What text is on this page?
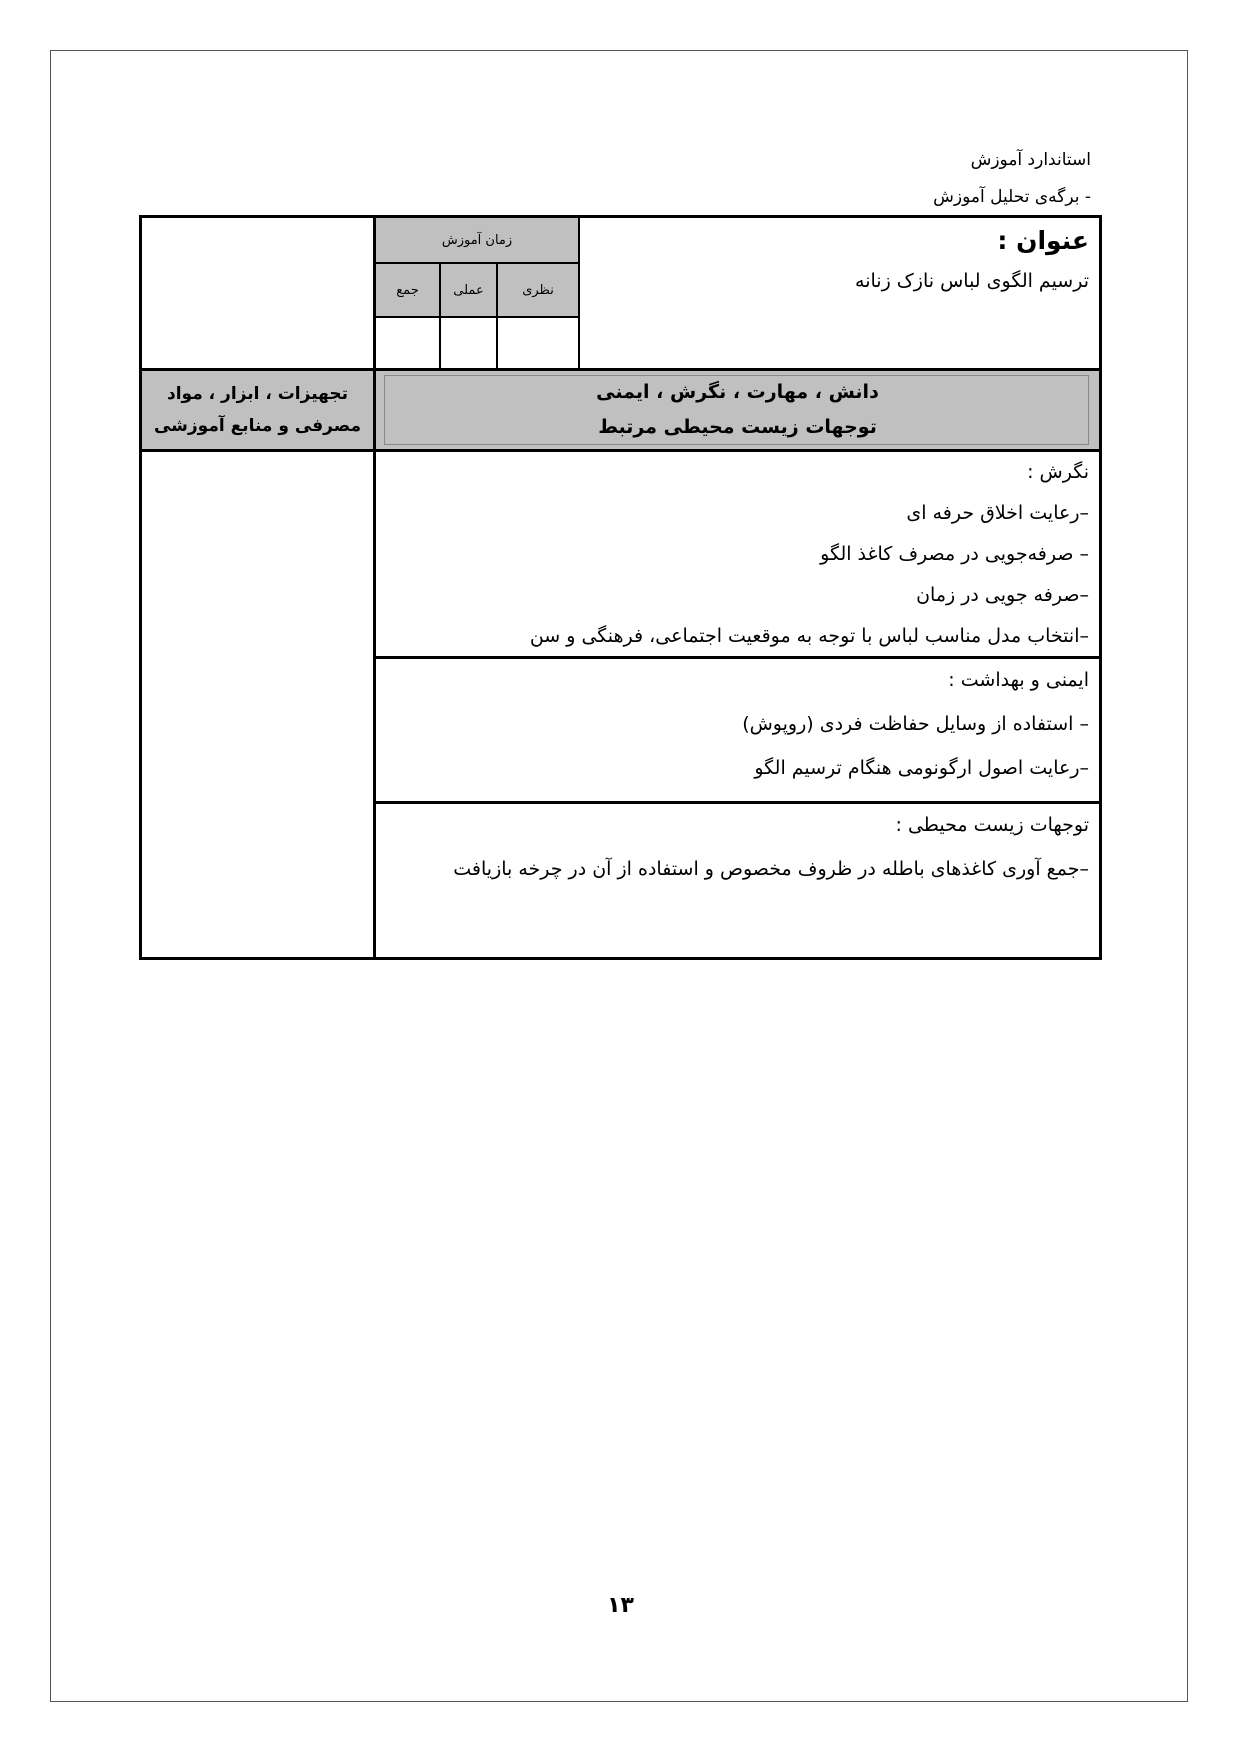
استاندارد آموزش
- برگه‌ی تحلیل آموزش
عنوان :
ترسیم الگوی لباس نازک زنانه
زمان آموزش
نظری
عملی
جمع
تجهیزات ، ابزار ، مواد
مصرفی و منابع آموزشی
دانش ، مهارت ، نگرش ، ایمنی
توجهات زیست محیطی مرتبط
نگرش :
–رعایت اخلاق حرفه ای
– صرفه‌جویی در مصرف کاغذ الگو
–صرفه جویی در زمان
–انتخاب مدل مناسب لباس با توجه به موقعیت اجتماعی، فرهنگی و سن
ایمنی و بهداشت :
– استفاده از وسایل حفاظت فردی (روپوش)
–رعایت اصول ارگونومی هنگام ترسیم الگو
توجهات زیست محیطی :
–جمع آوری کاغذهای باطله در ظروف مخصوص و استفاده از آن در چرخه بازیافت
۱۳
